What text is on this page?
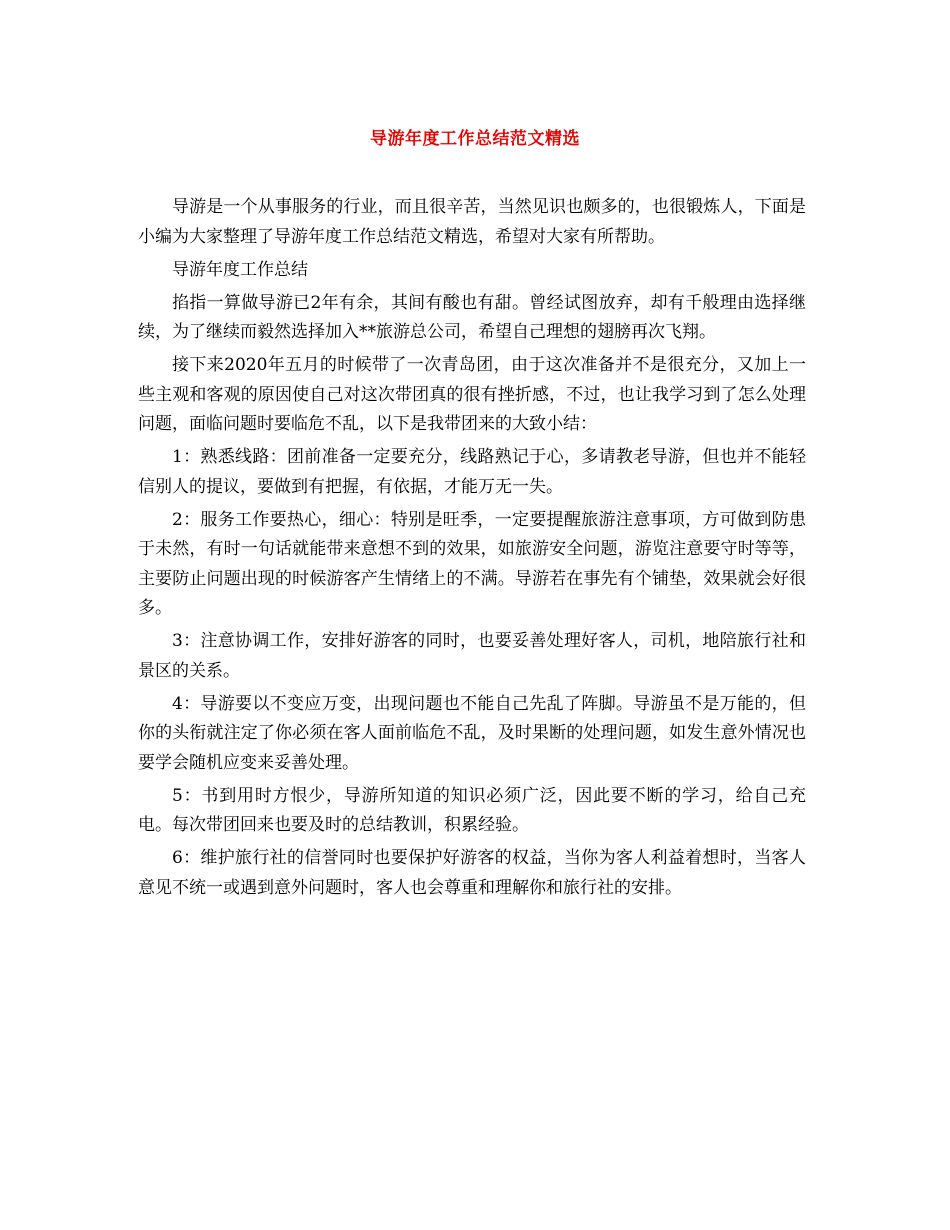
导游年度工作总结范文精选

导游是一个从事服务的行业，而且很辛苦，当然见识也颇多的，也很锻炼人，下面是小编为大家整理了导游年度工作总结范文精选，希望对大家有所帮助。

导游年度工作总结

掐指一算做导游已2年有余，其间有酸也有甜。曾经试图放弃，却有千般理由选择继续，为了继续而毅然选择加入**旅游总公司，希望自己理想的翅膀再次飞翔。

接下来2020年五月的时候带了一次青岛团，由于这次准备并不是很充分，又加上一些主观和客观的原因使自己对这次带团真的很有挫折感，不过，也让我学习到了怎么处理问题，面临问题时要临危不乱，以下是我带团来的大致小结：

1：熟悉线路：团前准备一定要充分，线路熟记于心，多请教老导游，但也并不能轻信别人的提议，要做到有把握，有依据，才能万无一失。

2：服务工作要热心，细心：特别是旺季，一定要提醒旅游注意事项，方可做到防患于未然，有时一句话就能带来意想不到的效果，如旅游安全问题，游览注意要守时等等，主要防止问题出现的时候游客产生情绪上的不满。导游若在事先有个铺垫，效果就会好很多。

3：注意协调工作，安排好游客的同时，也要妥善处理好客人，司机，地陪旅行社和景区的关系。

4：导游要以不变应万变，出现问题也不能自己先乱了阵脚。导游虽不是万能的，但你的头衔就注定了你必须在客人面前临危不乱，及时果断的处理问题，如发生意外情况也要学会随机应变来妥善处理。

5：书到用时方恨少，导游所知道的知识必须广泛，因此要不断的学习，给自己充电。每次带团回来也要及时的总结教训，积累经验。

6：维护旅行社的信誉同时也要保护好游客的权益，当你为客人利益着想时，当客人意见不统一或遇到意外问题时，客人也会尊重和理解你和旅行社的安排。
